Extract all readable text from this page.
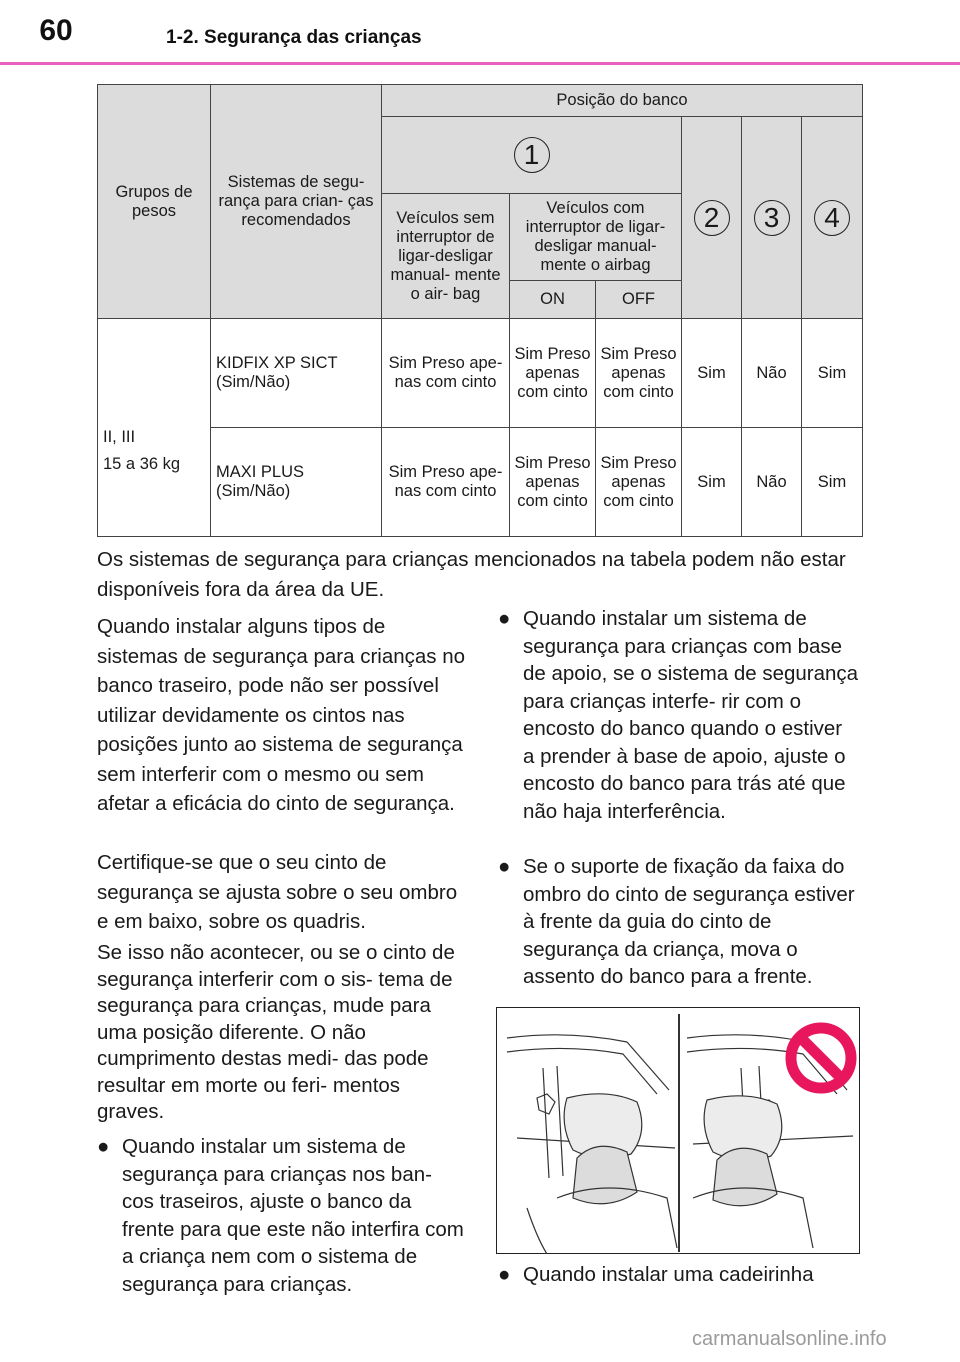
60	1-2. Segurança das crianças
Grupos de pesos	Sistemas de segu- rança para crian- ças recomendados	Posição do banco					
		1			2	3	4
		Veículos sem interruptor de ligar-desligar manual- mente o air- bag	Veículos com interruptor de ligar- desligar manual- mente o airbag				
			ON	OFF			

II, III
15 a 36 kg	KIDFIX XP SICT (Sim/Não)	Sim Preso ape- nas com cinto	Sim Preso apenas com cinto	Sim Preso apenas com cinto	Sim	Não	Sim
	MAXI PLUS (Sim/Não)	Sim Preso ape- nas com cinto	Sim Preso apenas com cinto	Sim Preso apenas com cinto	Sim	Não	Sim

Os sistemas de segurança para crianças mencionados na tabela podem não estar disponíveis fora da área da UE.

Quando instalar alguns tipos de sistemas de segurança para crianças no banco traseiro, pode não ser possível utilizar devidamente os cintos nas posições junto ao sistema de segurança sem interferir com o mesmo ou sem afetar a eficácia do cinto de segurança.

Certifique-se que o seu cinto de segurança se ajusta sobre o seu ombro e em baixo, sobre os quadris.

Se isso não acontecer, ou se o cinto de segurança interferir com o sis- tema de segurança para crianças, mude para uma posição diferente. O não cumprimento destas medi- das pode resultar em morte ou feri- mentos graves.

● Quando instalar um sistema de segurança para crianças nos ban- cos traseiros, ajuste o banco da frente para que este não interfira com a criança nem com o sistema de segurança para crianças.
● Quando instalar um sistema de segurança para crianças com base de apoio, se o sistema de segurança para crianças interfe- rir com o encosto do banco quando o estiver a prender à base de apoio, ajuste o encosto do banco para trás até que não haja interferência.
● Se o suporte de fixação da faixa do ombro do cinto de segurança estiver à frente da guia do cinto de segurança da criança, mova o assento do banco para a frente.
● Quando instalar uma cadeirinha
carmanualsonline.info
